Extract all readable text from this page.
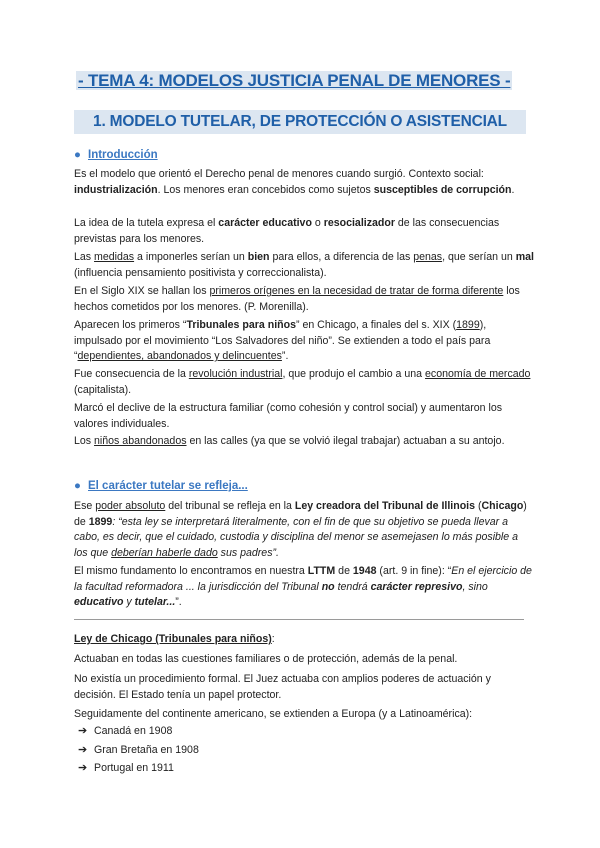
- TEMA 4: MODELOS JUSTICIA PENAL DE MENORES -
1. MODELO TUTELAR, DE PROTECCIÓN O ASISTENCIAL
● Introducción

Es el modelo que orientó el Derecho penal de menores cuando surgió. Contexto social: industrialización. Los menores eran concebidos como sujetos susceptibles de corrupción.

La idea de la tutela expresa el carácter educativo o resocializador de las consecuencias previstas para los menores.

Las medidas a imponerles serían un bien para ellos, a diferencia de las penas, que serían un mal (influencia pensamiento positivista y correccionalista).

En el Siglo XIX se hallan los primeros orígenes en la necesidad de tratar de forma diferente los hechos cometidos por los menores. (P. Morenilla).

Aparecen los primeros “Tribunales para niños” en Chicago, a finales del s. XIX (1899), impulsado por el movimiento “Los Salvadores del niño”. Se extienden a todo el país para “dependientes, abandonados y delincuentes”.

Fue consecuencia de la revolución industrial, que produjo el cambio a una economía de mercado (capitalista).

Marcó el declive de la estructura familiar (como cohesión y control social) y aumentaron los valores individuales.

Los niños abandonados en las calles (ya que se volvió ilegal trabajar) actuaban a su antojo.

● El carácter tutelar se refleja...

Ese poder absoluto del tribunal se refleja en la Ley creadora del Tribunal de Illinois (Chicago) de 1899: “esta ley se interpretará literalmente, con el fin de que su objetivo se pueda llevar a cabo, es decir, que el cuidado, custodia y disciplina del menor se asemejasen lo más posible a los que deberían haberle dado sus padres”.

El mismo fundamento lo encontramos en nuestra LTTM de 1948 (art. 9 in fine): “En el ejercicio de la facultad reformadora ... la jurisdicción del Tribunal no tendrá carácter represivo, sino educativo y tutelar...”.

Ley de Chicago (Tribunales para niños):

Actuaban en todas las cuestiones familiares o de protección, además de la penal.

No existía un procedimiento formal. El Juez actuaba con amplios poderes de actuación y decisión. El Estado tenía un papel protector.

Seguidamente del continente americano, se extienden a Europa (y a Latinoamérica):

➔ Canadá en 1908
➔ Gran Bretaña en 1908
➔ Portugal en 1911
